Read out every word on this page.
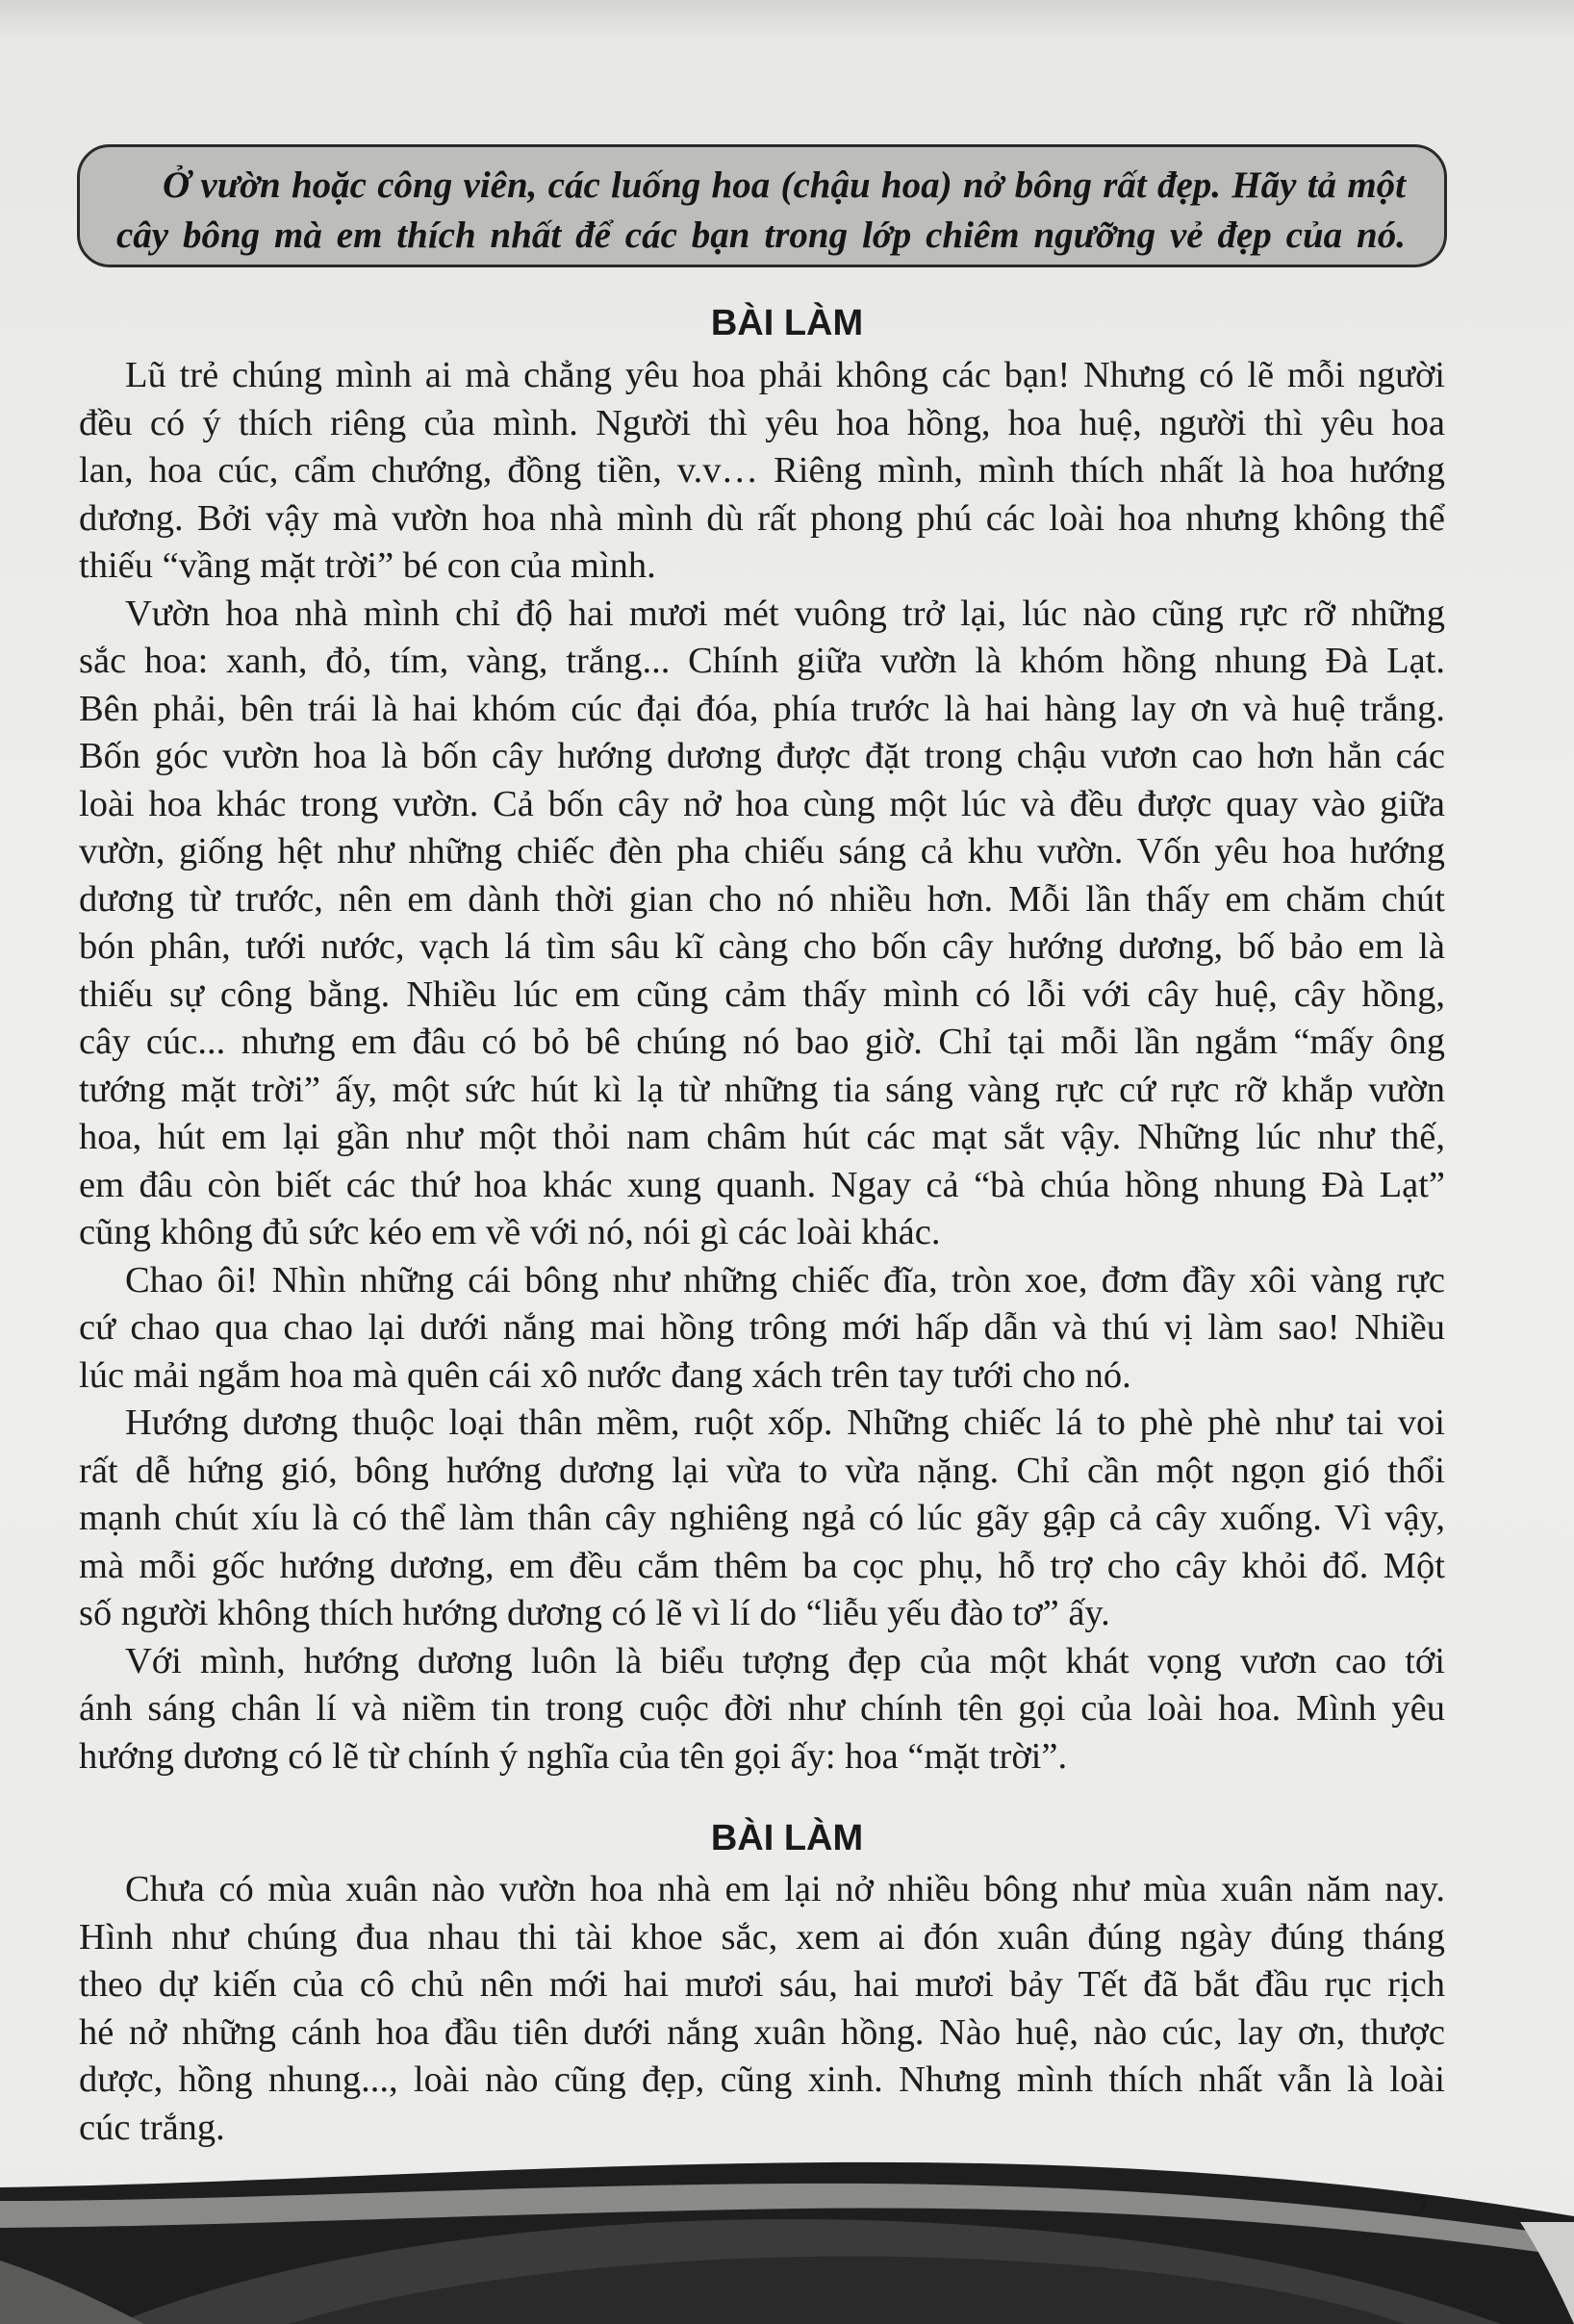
Ở vườn hoặc công viên, các luống hoa (chậu hoa) nở bông rất đẹp. Hãy tả một
cây bông mà em thích nhất để các bạn trong lớp chiêm ngưỡng vẻ đẹp của nó.
BÀI LÀM
Lũ trẻ chúng mình ai mà chẳng yêu hoa phải không các bạn! Nhưng có lẽ mỗi người
đều có ý thích riêng của mình. Người thì yêu hoa hồng, hoa huệ, người thì yêu hoa
lan, hoa cúc, cẩm chướng, đồng tiền, v.v… Riêng mình, mình thích nhất là hoa hướng
dương. Bởi vậy mà vườn hoa nhà mình dù rất phong phú các loài hoa nhưng không thể
thiếu “vầng mặt trời” bé con của mình.
Vườn hoa nhà mình chỉ độ hai mươi mét vuông trở lại, lúc nào cũng rực rỡ những
sắc hoa: xanh, đỏ, tím, vàng, trắng... Chính giữa vườn là khóm hồng nhung Đà Lạt.
Bên phải, bên trái là hai khóm cúc đại đóa, phía trước là hai hàng lay ơn và huệ trắng.
Bốn góc vườn hoa là bốn cây hướng dương được đặt trong chậu vươn cao hơn hẳn các
loài hoa khác trong vườn. Cả bốn cây nở hoa cùng một lúc và đều được quay vào giữa
vườn, giống hệt như những chiếc đèn pha chiếu sáng cả khu vườn. Vốn yêu hoa hướng
dương từ trước, nên em dành thời gian cho nó nhiều hơn. Mỗi lần thấy em chăm chút
bón phân, tưới nước, vạch lá tìm sâu kĩ càng cho bốn cây hướng dương, bố bảo em là
thiếu sự công bằng. Nhiều lúc em cũng cảm thấy mình có lỗi với cây huệ, cây hồng,
cây cúc... nhưng em đâu có bỏ bê chúng nó bao giờ. Chỉ tại mỗi lần ngắm “mấy ông
tướng mặt trời” ấy, một sức hút kì lạ từ những tia sáng vàng rực cứ rực rỡ khắp vườn
hoa, hút em lại gần như một thỏi nam châm hút các mạt sắt vậy. Những lúc như thế,
em đâu còn biết các thứ hoa khác xung quanh. Ngay cả “bà chúa hồng nhung Đà Lạt”
cũng không đủ sức kéo em về với nó, nói gì các loài khác.
Chao ôi! Nhìn những cái bông như những chiếc đĩa, tròn xoe, đơm đầy xôi vàng rực
cứ chao qua chao lại dưới nắng mai hồng trông mới hấp dẫn và thú vị làm sao! Nhiều
lúc mải ngắm hoa mà quên cái xô nước đang xách trên tay tưới cho nó.
Hướng dương thuộc loại thân mềm, ruột xốp. Những chiếc lá to phè phè như tai voi
rất dễ hứng gió, bông hướng dương lại vừa to vừa nặng. Chỉ cần một ngọn gió thổi
mạnh chút xíu là có thể làm thân cây nghiêng ngả có lúc gãy gập cả cây xuống. Vì vậy,
mà mỗi gốc hướng dương, em đều cắm thêm ba cọc phụ, hỗ trợ cho cây khỏi đổ. Một
số người không thích hướng dương có lẽ vì lí do “liễu yếu đào tơ” ấy.
Với mình, hướng dương luôn là biểu tượng đẹp của một khát vọng vươn cao tới
ánh sáng chân lí và niềm tin trong cuộc đời như chính tên gọi của loài hoa. Mình yêu
hướng dương có lẽ từ chính ý nghĩa của tên gọi ấy: hoa “mặt trời”.
BÀI LÀM
Chưa có mùa xuân nào vườn hoa nhà em lại nở nhiều bông như mùa xuân năm nay.
Hình như chúng đua nhau thi tài khoe sắc, xem ai đón xuân đúng ngày đúng tháng
theo dự kiến của cô chủ nên mới hai mươi sáu, hai mươi bảy Tết đã bắt đầu rục rịch
hé nở những cánh hoa đầu tiên dưới nắng xuân hồng. Nào huệ, nào cúc, lay ơn, thược
dược, hồng nhung..., loài nào cũng đẹp, cũng xinh. Nhưng mình thích nhất vẫn là loài
cúc trắng.
7
